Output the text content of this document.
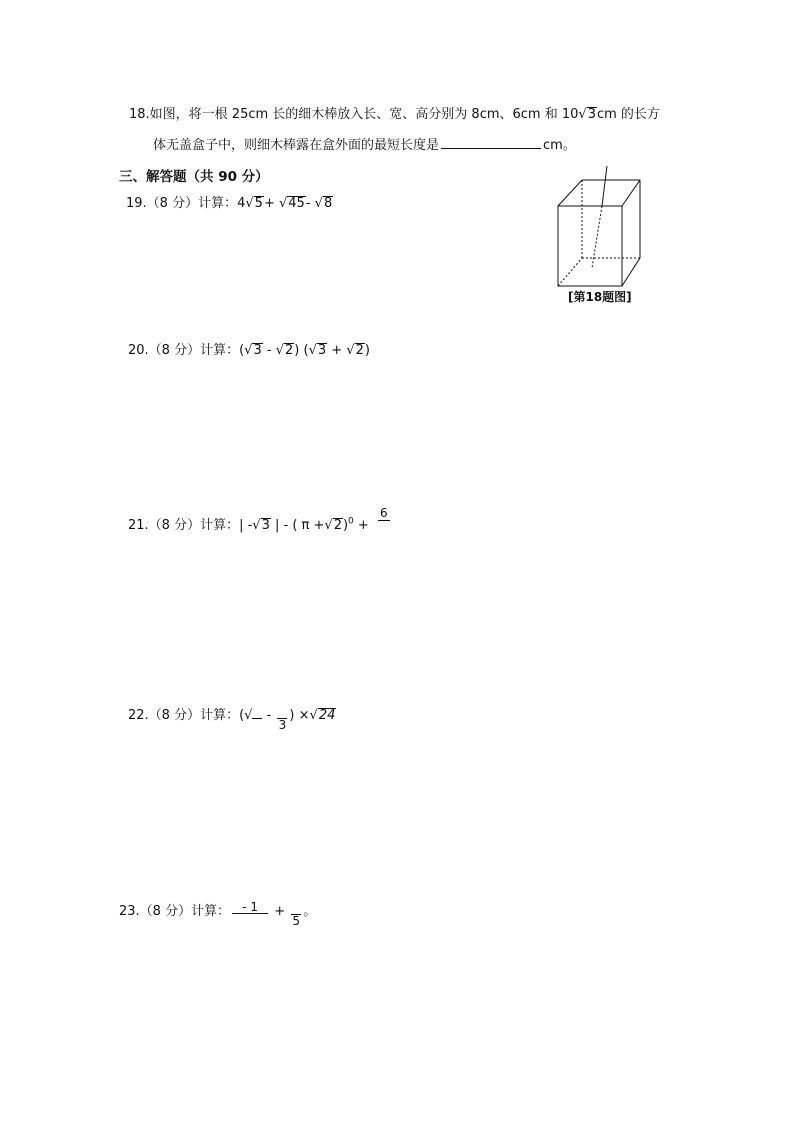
18.如图，将一根 25cm 长的细木棒放入长、宽、高分别为 8cm、6cm 和 10√3cm 的长方
体无盖盒子中，则细木棒露在盒外面的最短长度是	cm。
三、解答题（共 90 分）
19.（8 分）计算：4√5+ √45- √8
[第18题图]
20.（8 分）计算：(√3 - √2) (√3 + √2)
21.（8 分）计算：| -√3 | - ( π +√2)$^0$ +
6
22.（8 分）计算：(√ -
3
) ×√24
23.（8 分）计算：	- 1 +
5
。
